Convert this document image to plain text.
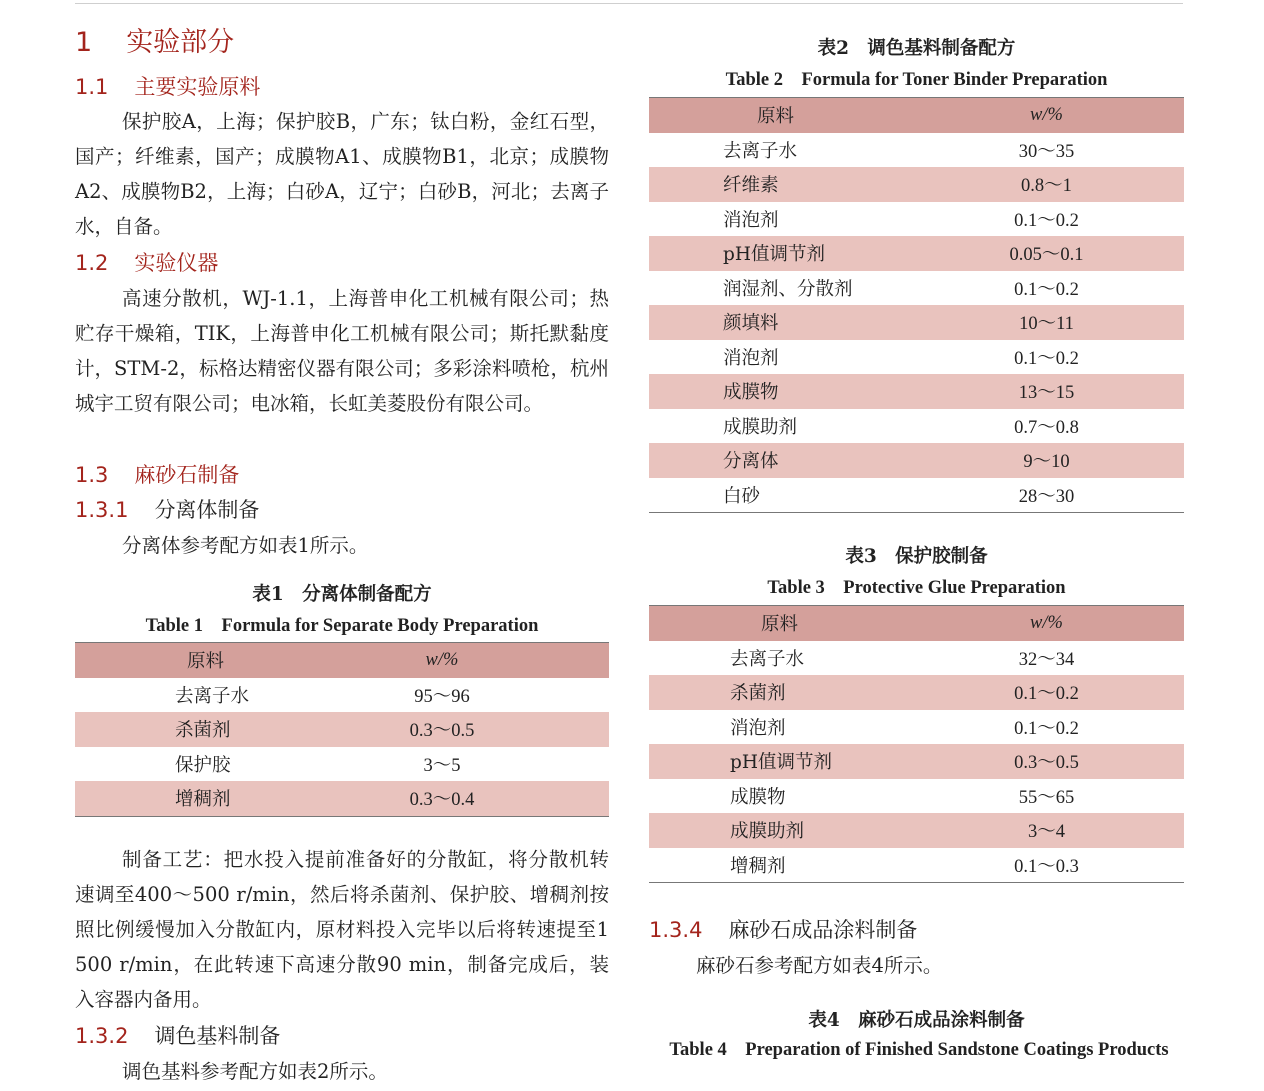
1 实验部分
1.1 主要实验原料

保护胶A，上海；保护胶B，广东；钛白粉，金红石型，国产；纤维素，国产；成膜物A1、成膜物B1，北京；成膜物A2、成膜物B2，上海；白砂A，辽宁；白砂B，河北；去离子水，自备。

1.2 实验仪器

高速分散机，WJ-1.1，上海普申化工机械有限公司；热贮存干燥箱，TIK，上海普申化工机械有限公司；斯托默黏度计，STM-2，标格达精密仪器有限公司；多彩涂料喷枪，杭州城宇工贸有限公司；电冰箱，长虹美菱股份有限公司。

1.3 麻砂石制备
1.3.1 分离体制备

分离体参考配方如表1所示。

表1　分离体制备配方
Table 1　Formula for Separate Body Preparation
原料	w/%
去离子水	95～96
杀菌剂	0.3～0.5
保护胶	3～5
增稠剂	0.3～0.4

制备工艺：把水投入提前准备好的分散缸，将分散机转速调至400～500 r/min，然后将杀菌剂、保护胶、增稠剂按照比例缓慢加入分散缸内，原材料投入完毕以后将转速提至1 500 r/min，在此转速下高速分散90 min，制备完成后，装入容器内备用。

1.3.2 调色基料制备

调色基料参考配方如表2所示。

表2　调色基料制备配方
Table 2　Formula for Toner Binder Preparation
原料	w/%
去离子水	30～35
纤维素	0.8～1
消泡剂	0.1～0.2
pH值调节剂	0.05～0.1
润湿剂、分散剂	0.1～0.2
颜填料	10～11
消泡剂	0.1～0.2
成膜物	13～15
成膜助剂	0.7～0.8
分离体	9～10
白砂	28～30
表3　保护胶制备
Table 3　Protective Glue Preparation
原料	w/%
去离子水	32～34
杀菌剂	0.1～0.2
消泡剂	0.1～0.2
pH值调节剂	0.3～0.5
成膜物	55～65
成膜助剂	3～4
增稠剂	0.1～0.3
1.3.4 麻砂石成品涂料制备

麻砂石参考配方如表4所示。

表4　麻砂石成品涂料制备
Table 4　Preparation of Finished Sandstone Coatings Products
